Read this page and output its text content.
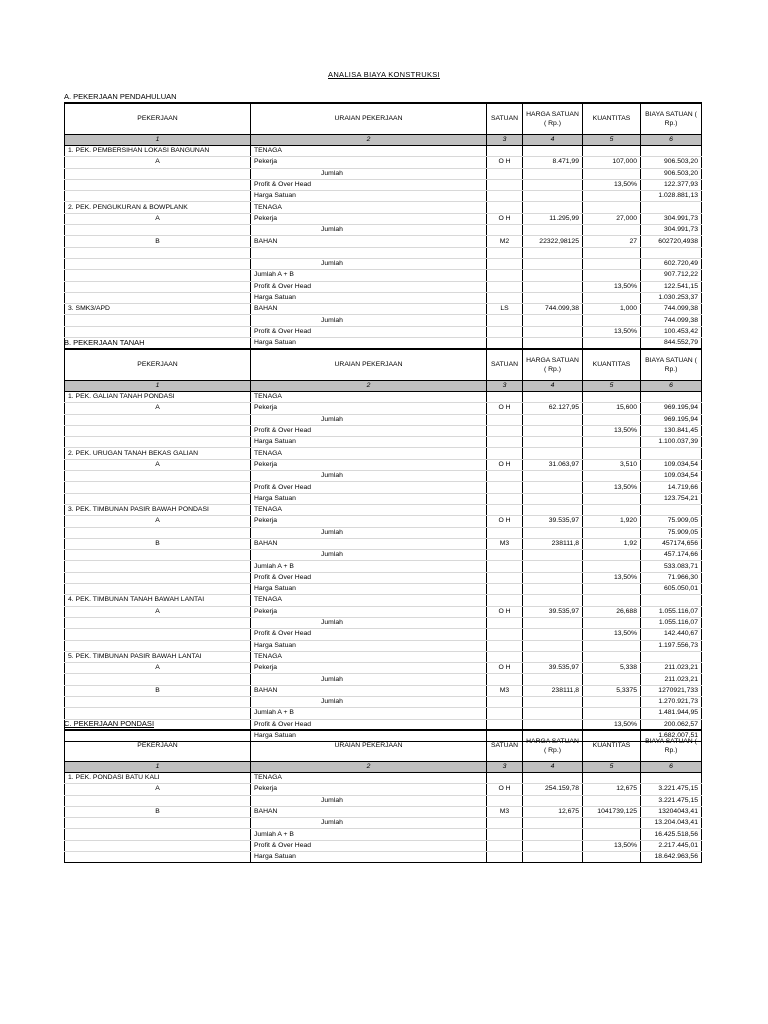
ANALISA BIAYA KONSTRUKSI
A. PEKERJAAN PENDAHULUAN
PEKERJAAN	URAIAN PEKERJAAN	SATUAN	HARGA SATUAN ( Rp.)	KUANTITAS	BIAYA SATUAN ( Rp.)
1	2	3	4	5	6
1. PEK. PEMBERSIHAN LOKASI BANGUNAN	TENAGA				
A	Pekerja	O H	8.471,99	107,000	906.503,20
	Jumlah				906.503,20
	Profit & Over Head			13,50%	122.377,93
	Harga Satuan				1.028.881,13
2. PEK. PENGUKURAN & BOWPLANK	TENAGA				
A	Pekerja	O H	11.295,99	27,000	304.991,73
	Jumlah				304.991,73
B	BAHAN	M2	22322,98125	27	602720,4938

	Jumlah				602.720,49
	Jumlah A + B				907.712,22
	Profit & Over Head			13,50%	122.541,15
	Harga Satuan				1.030.253,37
3. SMK3/APD	BAHAN	LS	744.099,38	1,000	744.099,38
	Jumlah				744.099,38
	Profit & Over Head			13,50%	100.453,42
	Harga Satuan				844.552,79
B. PEKERJAAN TANAH
PEKERJAAN	URAIAN PEKERJAAN	SATUAN	HARGA SATUAN ( Rp.)	KUANTITAS	BIAYA SATUAN ( Rp.)
1	2	3	4	5	6
1. PEK. GALIAN TANAH PONDASI	TENAGA				
A	Pekerja	O H	62.127,95	15,600	969.195,94
	Jumlah				969.195,94
	Profit & Over Head			13,50%	130.841,45
	Harga Satuan				1.100.037,39
2. PEK. URUGAN TANAH BEKAS GALIAN	TENAGA				
A	Pekerja	O H	31.063,97	3,510	109.034,54
	Jumlah				109.034,54
	Profit & Over Head			13,50%	14.719,66
	Harga Satuan				123.754,21
3. PEK. TIMBUNAN PASIR BAWAH PONDASI	TENAGA				
A	Pekerja	O H	39.535,97	1,920	75.909,05
	Jumlah				75.909,05
B	BAHAN	M3	238111,8	1,92	457174,656
	Jumlah				457.174,66
	Jumlah A + B				533.083,71
	Profit & Over Head			13,50%	71.966,30
	Harga Satuan				605.050,01
4. PEK. TIMBUNAN TANAH BAWAH LANTAI	TENAGA				
A	Pekerja	O H	39.535,97	26,688	1.055.116,07
	Jumlah				1.055.116,07
	Profit & Over Head			13,50%	142.440,67
	Harga Satuan				1.197.556,73
5. PEK. TIMBUNAN PASIR BAWAH LANTAI	TENAGA				
A	Pekerja	O H	39.535,97	5,338	211.023,21
	Jumlah				211.023,21
B	BAHAN	M3	238111,8	5,3375	1270921,733
	Jumlah				1.270.921,73
	Jumlah A + B				1.481.944,95
	Profit & Over Head			13,50%	200.062,57
	Harga Satuan				1.682.007,51
C. PEKERJAAN PONDASI
PEKERJAAN	URAIAN PEKERJAAN	SATUAN	HARGA SATUAN ( Rp.)	KUANTITAS	BIAYA SATUAN ( Rp.)
1	2	3	4	5	6
1. PEK. PONDASI BATU KALI	TENAGA				
A	Pekerja	O H	254.159,78	12,675	3.221.475,15
	Jumlah				3.221.475,15
B	BAHAN	M3	12,675	1041739,125	13204043,41
	Jumlah				13.204.043,41
	Jumlah A + B				16.425.518,56
	Profit & Over Head			13,50%	2.217.445,01
	Harga Satuan				18.642.963,56
